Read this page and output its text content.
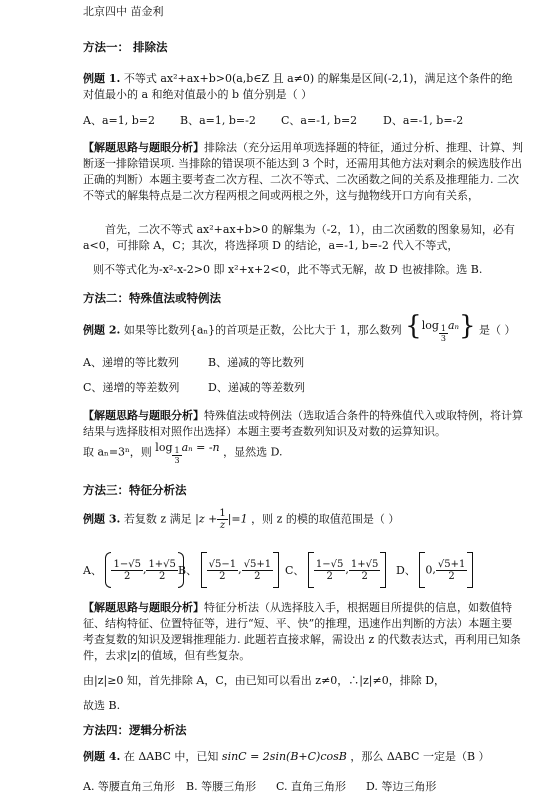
北京四中 苗金利
方法一： 排除法
例题 1. 不等式 ax²+ax+b>0(a,b∈Z 且 a≠0) 的解集是区间(-2,1)，满足这个条件的绝对值最小的 a 和绝对值最小的 b 值分别是（ ）
A、a=1, b=2 B、a=1, b=-2 C、a=-1, b=2 D、a=-1, b=-2
【解题思路与题眼分析】排除法（充分运用单项选择题的特征，通过分析、推理、计算、判断逐一排除错误项. 当排除的错误项不能达到 3 个时，还需用其他方法对剩余的候选肢作出正确的判断）本题主要考查二次方程、二次不等式、二次函数之间的关系及推理能力. 二次不等式的解集特点是二次方程两根之间或两根之外，这与抛物线开口方向有关系，
首先，二次不等式 ax²+ax+b>0 的解集为（-2，1），由二次函数的图象易知，必有 a<0，可排除 A，C；其次，将选择项 D 的结论，a=-1, b=-2 代入不等式，
则不等式化为-x²-x-2>0 即 x²+x+2<0，此不等式无解，故 D 也被排除。选 B.
方法二：特殊值法或特例法
例题 2. 如果等比数列{aₙ}的首项是正数，公比大于 1，那么数列 $\{\log \frac{1}{3} a_n\}$ 是（ ）
A、递增的等比数列	B、递减的等比数列
C、递增的等差数列	D、递减的等差数列
【解题思路与题眼分析】特殊值法或特例法（选取适合条件的特殊值代入或取特例，将计算结果与选择肢相对照作出选择）本题主要考查数列知识及对数的运算知识。
取 aₙ=3ⁿ，则 $\log \frac{1}{3}$ aₙ = -n ，显然选 D.
方法三：特征分析法
例题 3. 若复数 z 满足 $|z + \frac{1}{z} |=1$ ，则 z 的模的取值范围是（ ）
A、 $\frac{1-√5}{2}$ , $\frac{1+√5}{2}$ B、 $\frac{√5-1}{2}$ , $\frac{√5+1}{2}$ C、 $\frac{1-√5}{2}$ , $\frac{1+√5}{2}$ D、 0, $\frac{√5+1}{2}$
【解题思路与题眼分析】特征分析法（从选择肢入手，根据题目所提供的信息，如数值特征、结构特征、位置特征等，进行“短、平、快”的推理，迅速作出判断的方法）本题主要考查复数的知识及逻辑推理能力. 此题若直接求解，需设出 z 的代数表达式，再利用已知条件，去求|z|的值域，但有些复杂。
由|z|≥0 知，首先排除 A，C，由已知可以看出 z≠0，∴|z|≠0，排除 D，
故选 B.
方法四：逻辑分析法
例题 4. 在 ΔABC 中，已知 sinC = 2sin(B+C)cosB ，那么 ΔABC 一定是（B ）
A. 等腰直角三角形 B. 等腰三角形 C. 直角三角形 D. 等边三角形
